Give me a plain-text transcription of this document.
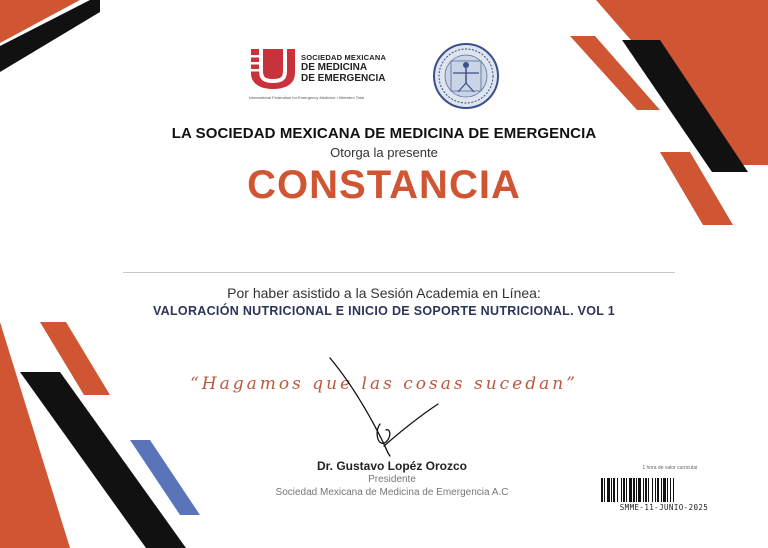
SOCIEDAD MEXICANA
DE MEDICINA
DE EMERGENCIA
International Federation for Emergency Medicine • Miembro Total
LA SOCIEDAD MEXICANA DE MEDICINA DE EMERGENCIA
Otorga la presente
CONSTANCIA
Por haber asistido a la Sesión Academia en Línea:
VALORACIÓN NUTRICIONAL E INICIO DE SOPORTE NUTRICIONAL. VOL 1
“Hagamos que las cosas sucedan”
Dr. Gustavo Lopéz Orozco
Presidente
Sociedad Mexicana de Medicina de Emergencia A.C
1 hora de valor curricular
SMME-11-JUNIO-2025
